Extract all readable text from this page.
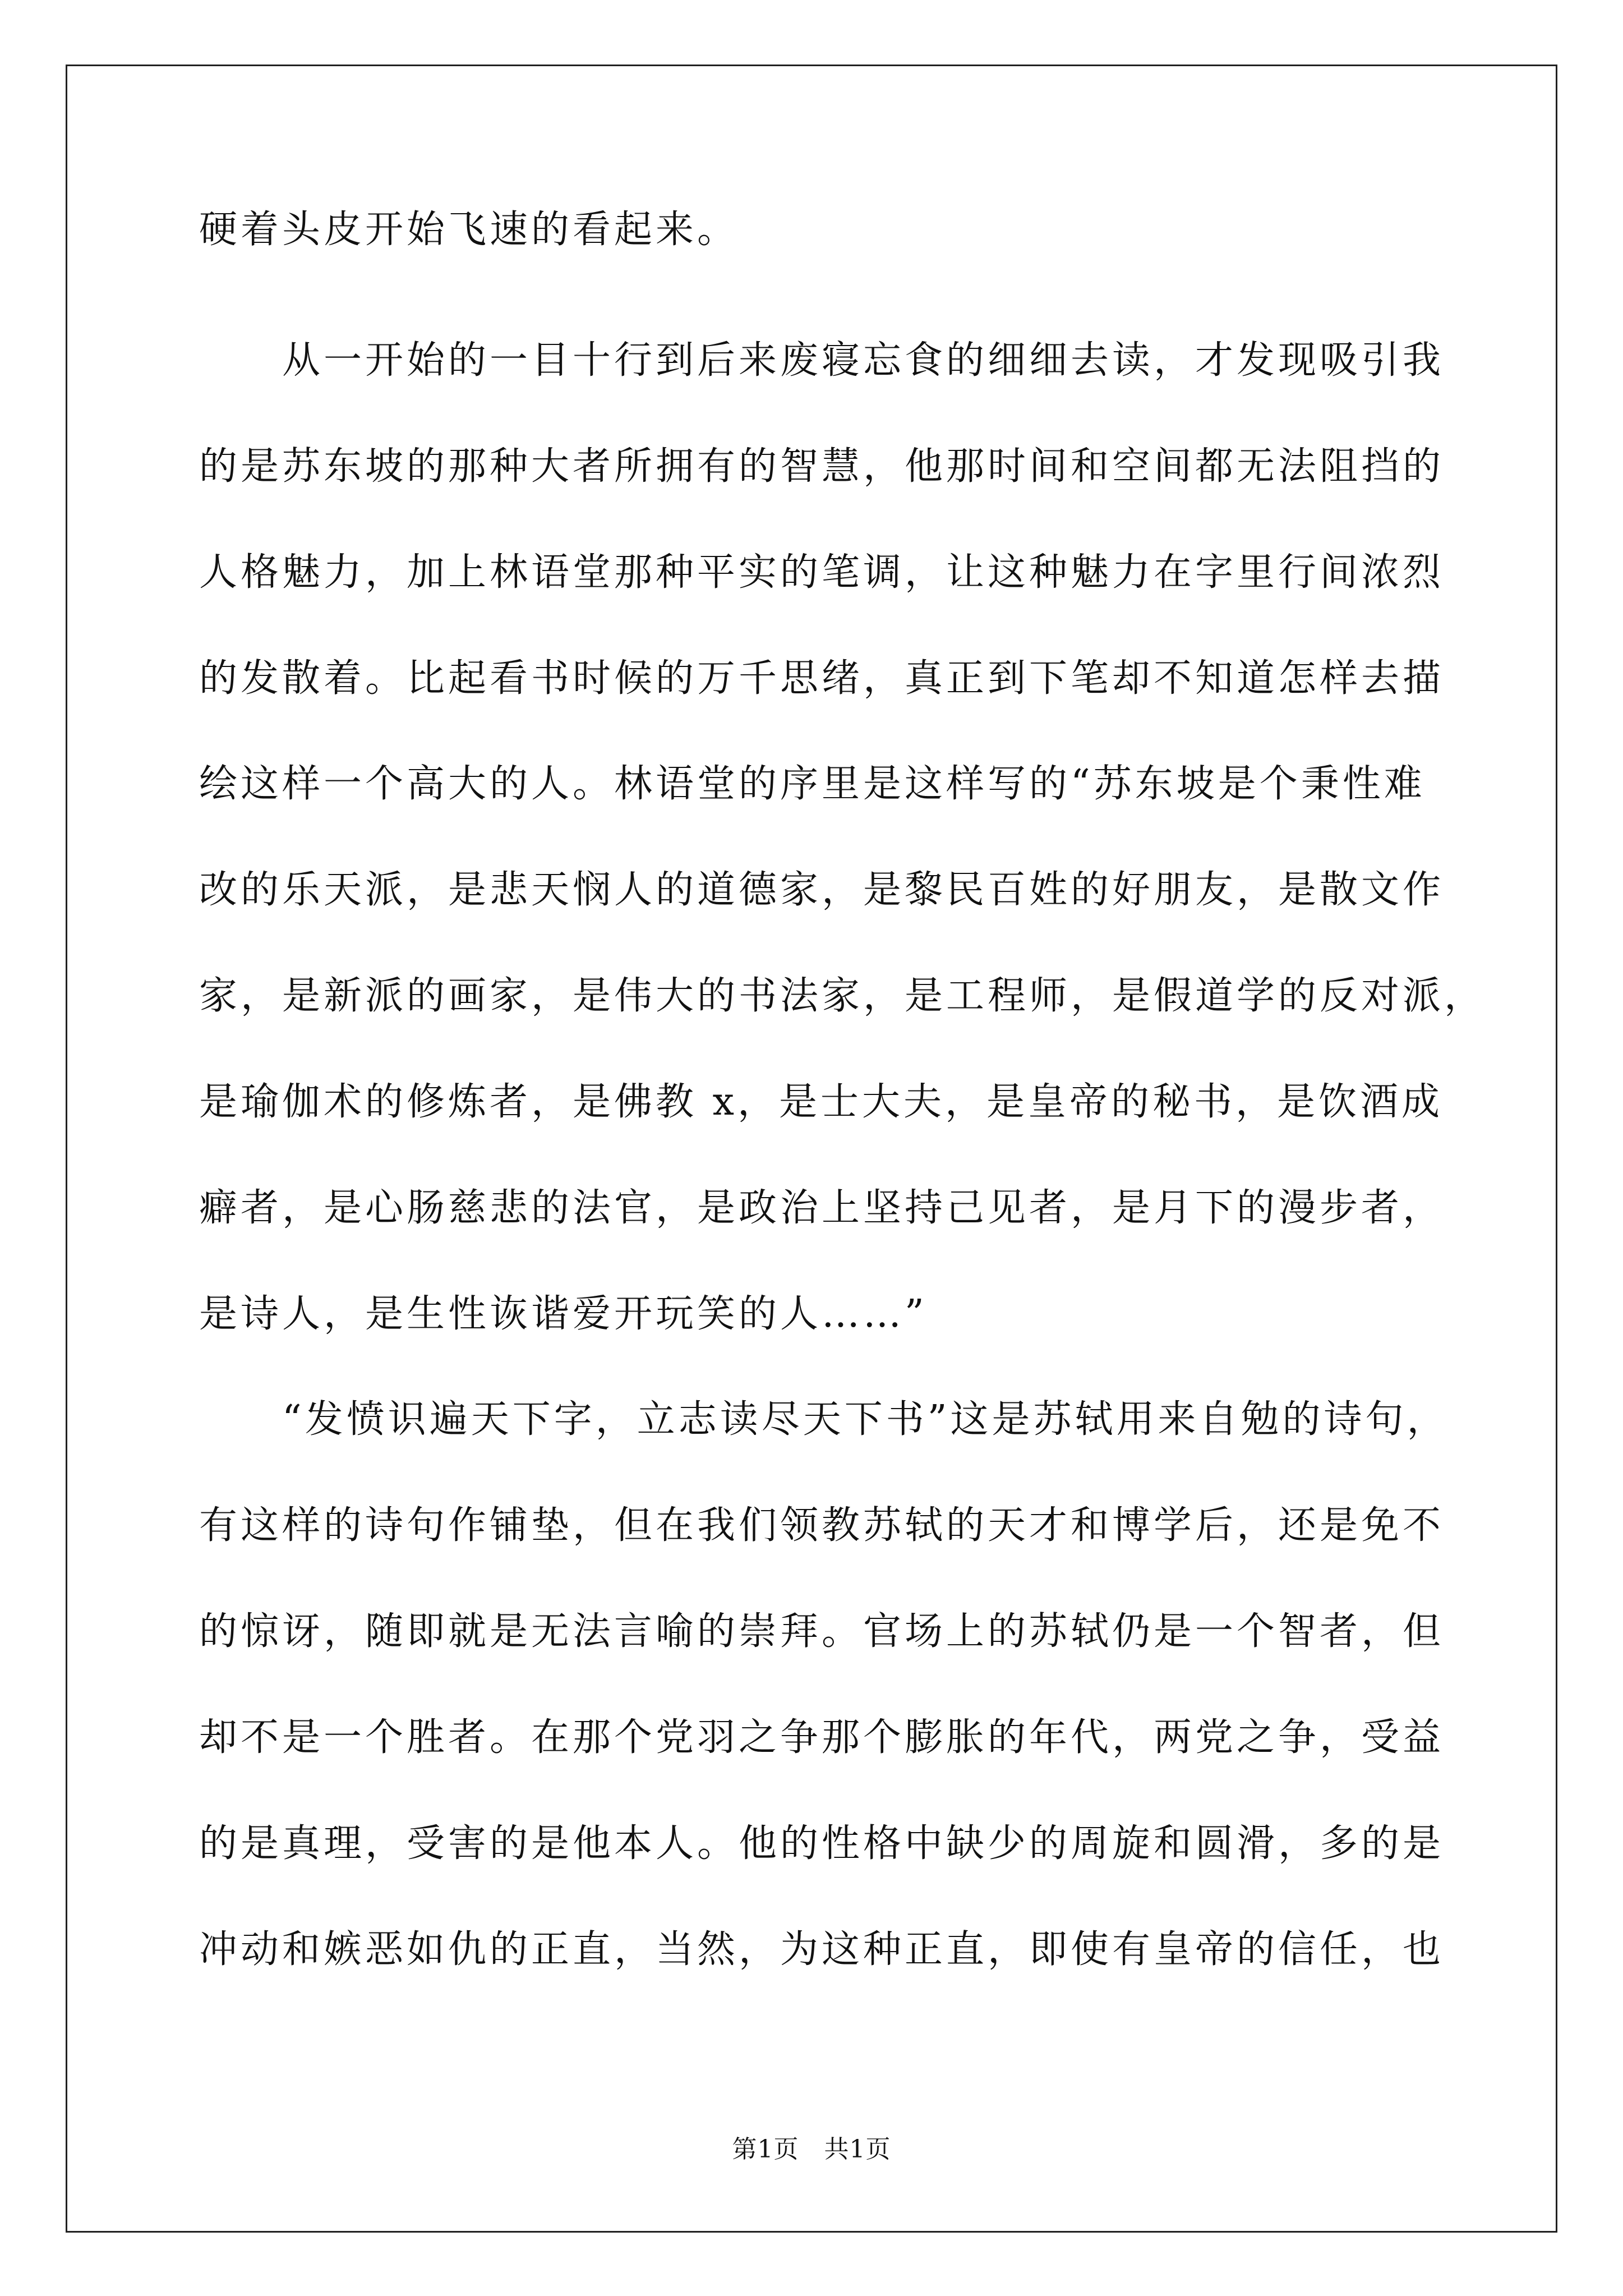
硬着头皮开始飞速的看起来。
　　从一开始的一目十行到后来废寝忘食的细细去读，才发现吸引我
的是苏东坡的那种大者所拥有的智慧，他那时间和空间都无法阻挡的
人格魅力，加上林语堂那种平实的笔调，让这种魅力在字里行间浓烈
的发散着。比起看书时候的万千思绪，真正到下笔却不知道怎样去描
绘这样一个高大的人。林语堂的序里是这样写的“苏东坡是个秉性难
改的乐天派，是悲天悯人的道德家，是黎民百姓的好朋友，是散文作
家，是新派的画家，是伟大的书法家，是工程师，是假道学的反对派，
是瑜伽术的修炼者，是佛教 x，是士大夫，是皇帝的秘书，是饮酒成
癖者，是心肠慈悲的法官，是政治上坚持己见者，是月下的漫步者，
是诗人，是生性诙谐爱开玩笑的人……”
　　“发愤识遍天下字，立志读尽天下书”这是苏轼用来自勉的诗句，
有这样的诗句作铺垫，但在我们领教苏轼的天才和博学后，还是免不
的惊讶，随即就是无法言喻的崇拜。官场上的苏轼仍是一个智者，但
却不是一个胜者。在那个党羽之争那个膨胀的年代，两党之争，受益
的是真理，受害的是他本人。他的性格中缺少的周旋和圆滑，多的是
冲动和嫉恶如仇的正直，当然，为这种正直，即使有皇帝的信任，也
第1页　共1页
